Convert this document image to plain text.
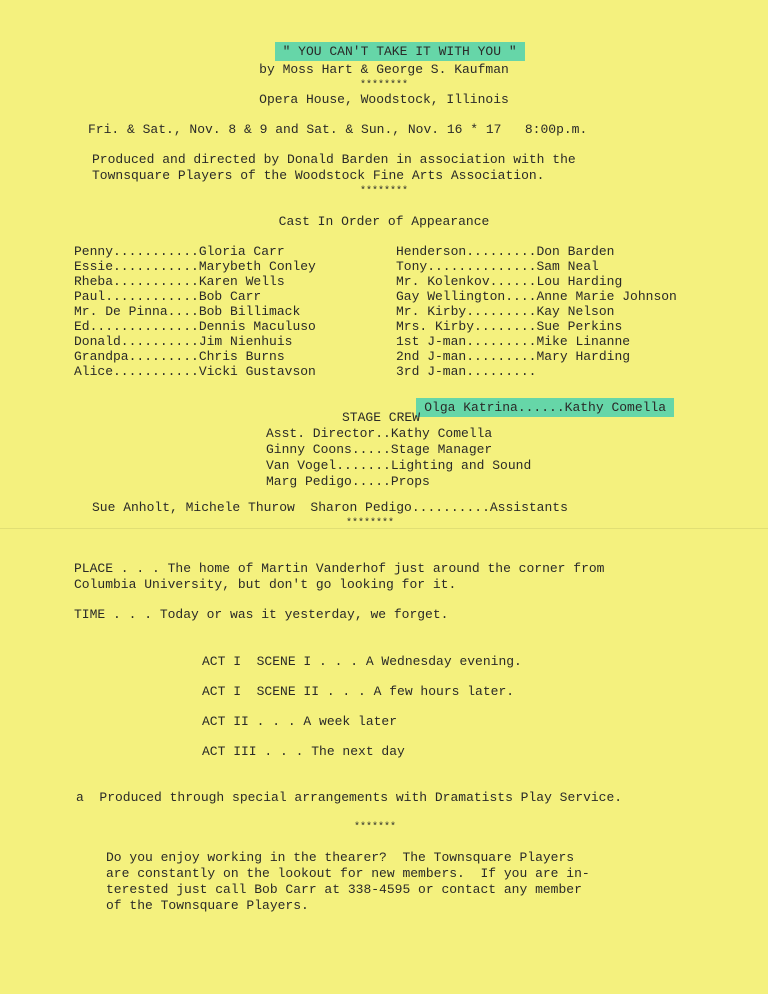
" YOU CAN'T TAKE IT WITH YOU "

by Moss Hart & George S. Kaufman
********
Opera House, Woodstock, Illinois
Fri. & Sat., Nov. 8 & 9 and Sat. & Sun., Nov. 16 * 17   8:00p.m.
Produced and directed by Donald Barden in association with the
Townsquare Players of the Woodstock Fine Arts Association.
********
Cast In Order of Appearance
Penny........... Gloria Carr
Essie........... Marybeth Conley
Rheba........... Karen Wells
Paul............ Bob Carr
Mr. De Pinna.... Bob Billimack
Ed.............. Dennis Maculuso
Donald.......... Jim Nienhuis
Grandpa......... Chris Burns
Alice........... Vicki Gustavson
Henderson......... Don Barden
Tony.............. Sam Neal
Mr. Kolenkov...... Lou Harding
Gay Wellington.... Anne Marie Johnson
Mr. Kirby......... Kay Nelson
Mrs. Kirby........ Sue Perkins
1st J-man......... Mike Linanne
2nd J-man......... Mary Harding
3rd J-man.........

Olga Katrina......Kathy Comella

STAGE CREW
Asst. Director..Kathy Comella
Ginny Coons.....Stage Manager
Van Vogel.......Lighting and Sound
Marg Pedigo.....Props
Sue Anholt, Michele Thurow  Sharon Pedigo..........Assistants
********
PLACE . . . The home of Martin Vanderhof just around the corner from
Columbia University, but don't go looking for it.
TIME . . . Today or was it yesterday, we forget.
ACT I  SCENE I . . . A Wednesday evening.
ACT I  SCENE II . . . A few hours later.
ACT II . . . A week later
ACT III . . . The next day
a  Produced through special arrangements with Dramatists Play Service.
*******
Do you enjoy working in the thearer?  The Townsquare Players
are constantly on the lookout for new members.  If you are in-
terested just call Bob Carr at 338-4595 or contact any member
of the Townsquare Players.
